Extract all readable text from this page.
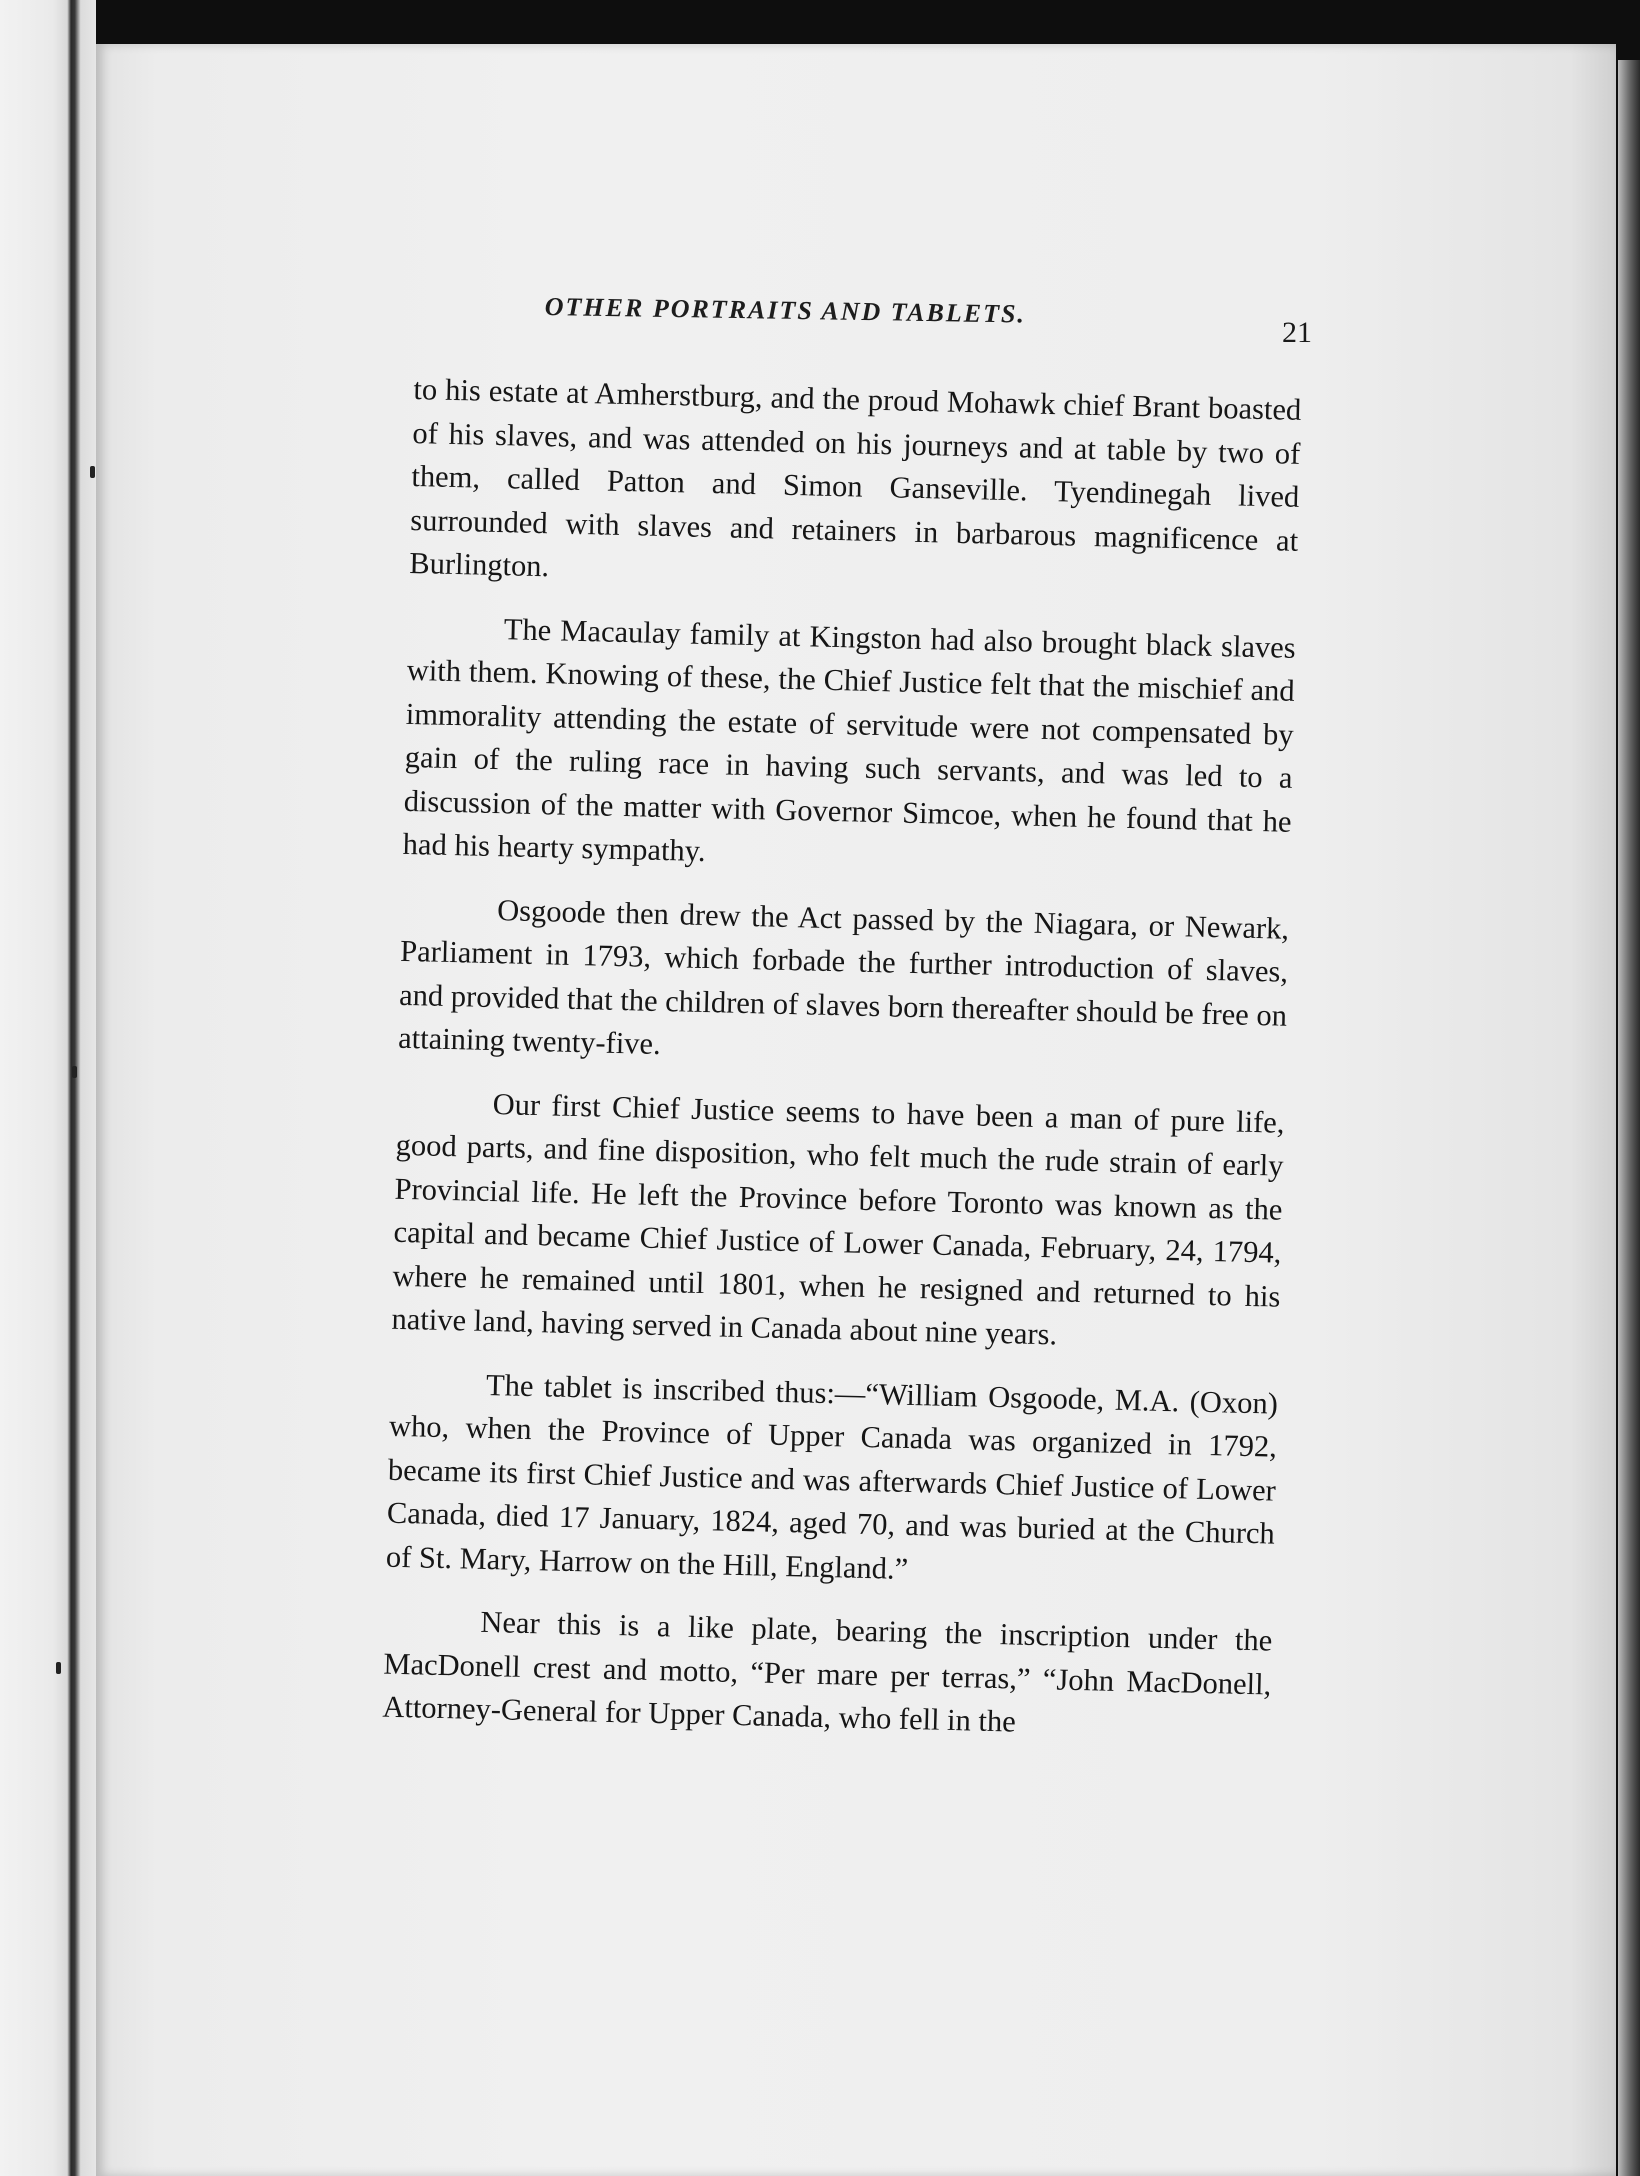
OTHER PORTRAITS AND TABLETS.
21

to his estate at Amherstburg, and the proud Mohawk chief Brant boasted of his slaves, and was attended on his journeys and at table by two of them, called Patton and Simon Ganseville. Tyendinegah lived surrounded with slaves and retainers in barbarous magnificence at Burlington.

The Macaulay family at Kingston had also brought black slaves with them. Knowing of these, the Chief Justice felt that the mischief and immorality attending the estate of servitude were not compensated by gain of the ruling race in having such servants, and was led to a discussion of the matter with Governor Simcoe, when he found that he had his hearty sympathy.

Osgoode then drew the Act passed by the Niagara, or Newark, Parliament in 1793, which forbade the further introduction of slaves, and provided that the children of slaves born thereafter should be free on attaining twenty-five.

Our first Chief Justice seems to have been a man of pure life, good parts, and fine disposition, who felt much the rude strain of early Provincial life. He left the Province before Toronto was known as the capital and became Chief Justice of Lower Canada, February, 24, 1794, where he remained until 1801, when he resigned and returned to his native land, having served in Canada about nine years.

The tablet is inscribed thus:—“William Osgoode, M.A. (Oxon) who, when the Province of Upper Canada was organized in 1792, became its first Chief Justice and was afterwards Chief Justice of Lower Canada, died 17 January, 1824, aged 70, and was buried at the Church of St. Mary, Harrow on the Hill, England.”

Near this is a like plate, bearing the inscription under the MacDonell crest and motto, “Per mare per terras,” “John MacDonell, Attorney-General for Upper Canada, who fell in the
